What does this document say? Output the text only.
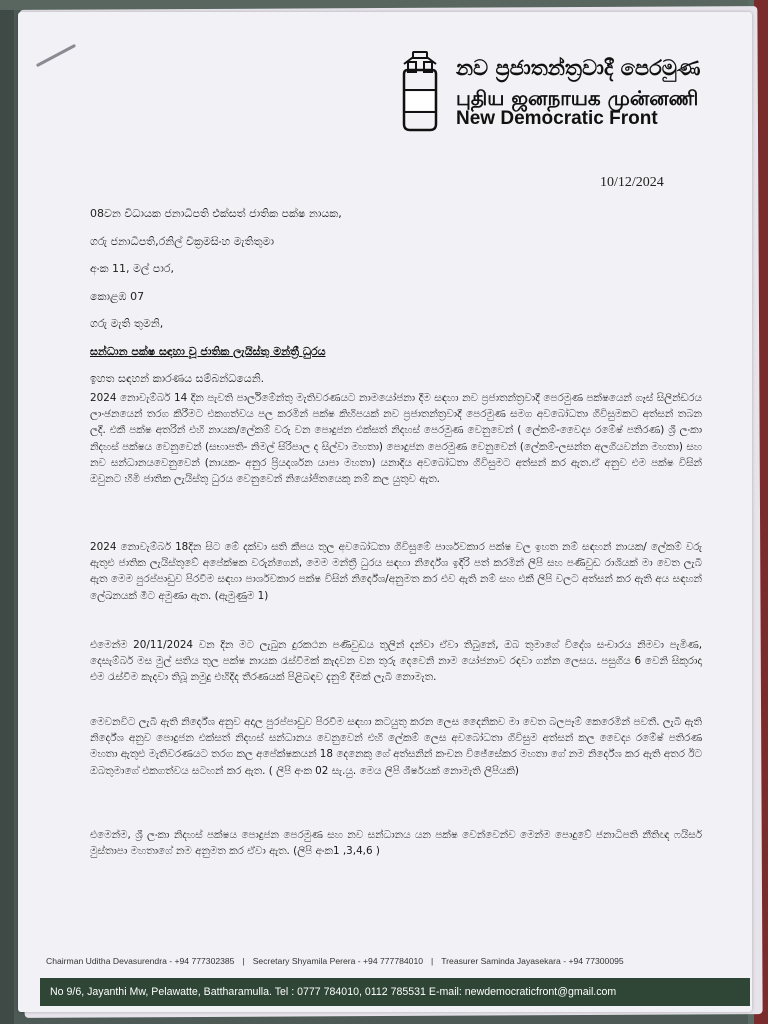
නව ප්‍රජාතන්ත්‍රවාදී පෙරමුණ
புதிய ஜனநாயக முன்னணி
New Democratic Front
10/12/2024
08වන විධායක ජනාධිපති එක්සත් ජාතික පක්ෂ නායක,
ගරු ජනාධිපති,රනිල් වික්‍රමසිංහ මැතිතුමා
අංක 11, මල් පාර,
කොළඹ 07
ගරු මැති තුමනි,
සන්ධාන පක්ෂ සඳහා වූ ජාතික ලැයිස්තු මන්ත්‍රී ධුරය
ඉහත සඳහන් කාරණය සම්බන්ධයෙනි.

2024 නොවැම්බර් 14 දින පැවති පාර්ලිමේන්තු මැතිවරණයට නාමයෝජනා දීම සඳහා නව ප්‍රජාතන්ත්‍රවාදී පෙරමුණ පක්ෂයෙන් ගෑස් සිලින්ඩරය ලාංඡනයෙන් තරග කිරීමට එකගත්වය පල කරමින් පක්ෂ කිහිපයක් නව ප්‍රජාතන්ත්‍රවාදී පෙරමුණ සමග අවබෝධතා ගිවිසුමකට අත්සන් තබන ලදී. එකී පක්ෂ අතරින් එහි නායක/ලේකම් වරු වන පොදුජන එක්සත් නිදහස් පෙරමුණ වෙනුවෙන් ( ලේකම්-වෛද්‍ය රමේෂ් පතිරණ) ශ්‍රී ලංකා නිදහස් පක්ෂය වෙනුවෙන් (සභාපති- නිමල් සිරිපාල ද සිල්වා මහතා) පොදුජන පෙරමුණ වෙනුවෙන් (ලේකම්-ලසන්ත අලගියවන්න මහතා) සහ නව සන්ධානයවෙනුවෙන් (නායක- අනුර ප්‍රියදර්ශන යාපා මහතා) යනාදිය අවබෝධතා ගිවිසුමට අත්සන් කර ඇත.ඒ අනුව එම පක්ෂ විසින් ඔවුනට හිමි ජාතික ලැයිස්තු ධුරය වෙනුවෙන් නියෝජිතයෙකු නම් කල යුතුව ඇත.

2024 නොවැම්බර් 18දින සිට මේ දක්වා සති කීපය තුල අවබෝධතා ගිවිසුමේ පාර්ශවකාර පක්ෂ වල ඉහත නම් සඳහන් නායක/ ලේකම් වරු ඇතුළු ජාතික ලැයිස්තුවේ අපේක්ෂක වරුන්ගෙන්, මෙම මන්ත්‍රී ධුරය සඳහා නිර්දේශ ඉදිරි පත් කරමින් ලිපි සහ පණිවුඩ රාශියක් මා වෙත ලැබී ඇත මෙම පුරප්පාඩුව පිරවීම සඳහා පාර්ශවකාර පක්ෂ විසින් නිර්දේශ/අනුමත කර එව ඇති නම් සහ එකී ලිපි වලට අත්සන් කර ඇති අය සඳහන් ලේඛනයක් මීට අමුණා ඇත. (ඇමුණුම 1)

එමෙන්ම 20/11/2024 වන දින මට ලැබුන දුරකථන පණිවුඩය තුලින් දන්වා ඒවා තිබුනේ, ඔබ තුමාගේ විදේශ සංචාරය නිමවා පැමිණ, දෙසැම්බර් මස මුල් සතිය තුල පක්ෂ නායක රැස්වීමක් කැදවන වන තුරු දෙවෙනි නාම යෝජනාව රඳවා ගන්න ලෙසය. පසුගිය 6 වෙනි සිකුරාදා එම රැස්වීම කැදවා තිබූ නමුදු එහිදිද තීරණයක් පිළිබඳව දැනුම් දීමක් ලැබී නොමැත.

මෙවනවිට ලැබී ඇති නිර්දේශ අනුව අදාල පුරප්පාඩුව පිරවීම සඳහා කටයුතු කරන ලෙස දෛනිකව මා වෙත බලපෑම් කෙරෙමින් පවතී. ලැබී ඇති නිර්දේශ අනුව පොදුජන එක්සත් නිදහස් සන්ධානය වෙනුවෙන් එහි ලේකම් ලෙස අවබෝධතා ගිවිසුම අත්සන් කල වෛද්‍ය රමේෂ් පතිරණ මහතා ඇතුළු මැතිවරණයට තරග කල අපේක්ෂකයන් 18 දෙනෙකු ගේ අත්සනින් කංචන විජේසේකර මහතා ගේ නම නිර්දේශ කර ඇති අතර ඊට ඔබතුමාගේ එකගත්වය සටහන් කර ඇත. ( ලිපි අංක 02 සැ.යු. මෙය ලිපි ශීර්ෂයක් නොමැති ලිපියකි)

එමෙන්ම, ශ්‍රී ලංකා නිදහස් පක්ෂය පොදුජන පෙරමුණ සහ නව සන්ධානය යන පක්ෂ වෙන්වෙන්ව මෙන්ම පොදුවේ ජනාධිපති නීතිඥ ෆයිසර් මුස්තාපා මහතාගේ නම අනුමත කර ඒවා ඇත. (ලිපි අංක1 ,3,4,6 )

Chairman Uditha Devasurendra - +94 777302385 | Secretary Shyamila Perera - +94 777784010 | Treasurer Saminda Jayasekara - +94 77300095
No 9/6, Jayanthi Mw, Pelawatte, Battharamulla. Tel : 0777 784010, 0112 785531 E-mail: newdemocraticfront@gmail.com
